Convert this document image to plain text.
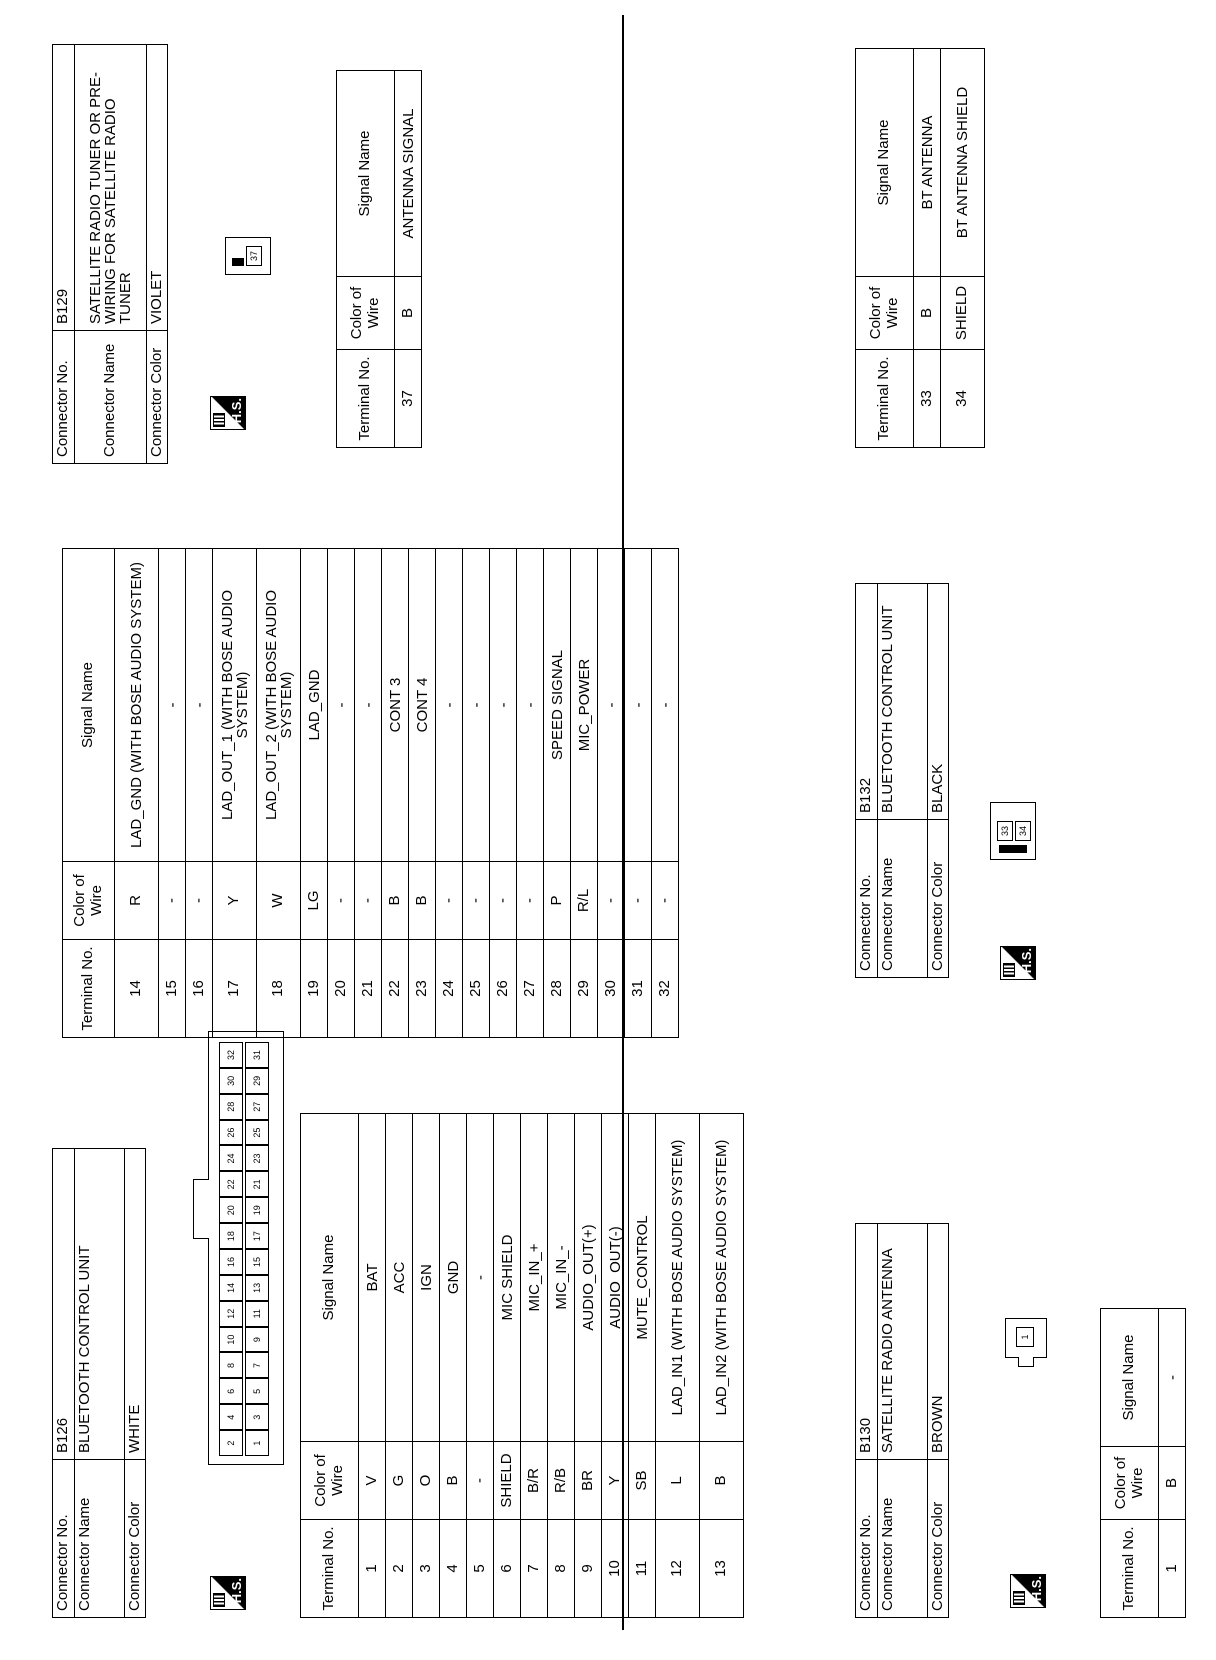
Connector No.	B126
Connector Name	BLUETOOTH CONTROL UNIT
Connector Color	WHITE
H.S.
2
4
6
8
10
12
14
16
18
20
22
24
26
28
30
32
1
3
5
7
9
11
13
15
17
19
21
23
25
27
29
31
Terminal No.	Color of Wire	Signal Name
1	V	BAT
2	G	ACC
3	O	IGN
4	B	GND
5	-	-
6	SHIELD	MIC SHIELD
7	B/R	MIC_IN_+
8	R/B	MIC_IN_-
9	BR	AUDIO_OUT(+)
10	Y	AUDIO_OUT(-)
11	SB	MUTE_CONTROL
12	L	LAD_IN1 (WITH BOSE AUDIO SYSTEM)
13	B	LAD_IN2 (WITH BOSE AUDIO SYSTEM)
Terminal No.	Color of Wire	Signal Name
14	R	LAD_GND (WITH BOSE AUDIO SYSTEM)
15	-	-
16	-	-
17	Y	LAD_OUT_1 (WITH BOSE AUDIO SYSTEM)
18	W	LAD_OUT_2 (WITH BOSE AUDIO SYSTEM)
19	LG	LAD_GND
20	-	-
21	-	-
22	B	CONT 3
23	B	CONT 4
24	-	-
25	-	-
26	-	-
27	-	-
28	P	SPEED SIGNAL
29	R/L	MIC_POWER
30	-	-
31	-	-
32	-	-
Connector No.	B129
Connector Name	SATELLITE RADIO TUNER OR PRE-WIRING FOR SATELLITE RADIO TUNER
Connector Color	VIOLET
H.S.
37
Terminal No.	Color of Wire	Signal Name
37	B	ANTENNA SIGNAL
Connector No.	B130
Connector Name	SATELLITE RADIO ANTENNA
Connector Color	BROWN
H.S.
1
Terminal No.	Color of Wire	Signal Name
1	B	-
Connector No.	B132
Connector Name	BLUETOOTH CONTROL UNIT
Connector Color	BLACK
H.S.
33 34
Terminal No.	Color of Wire	Signal Name
33	B	BT ANTENNA
34	SHIELD	BT ANTENNA SHIELD
